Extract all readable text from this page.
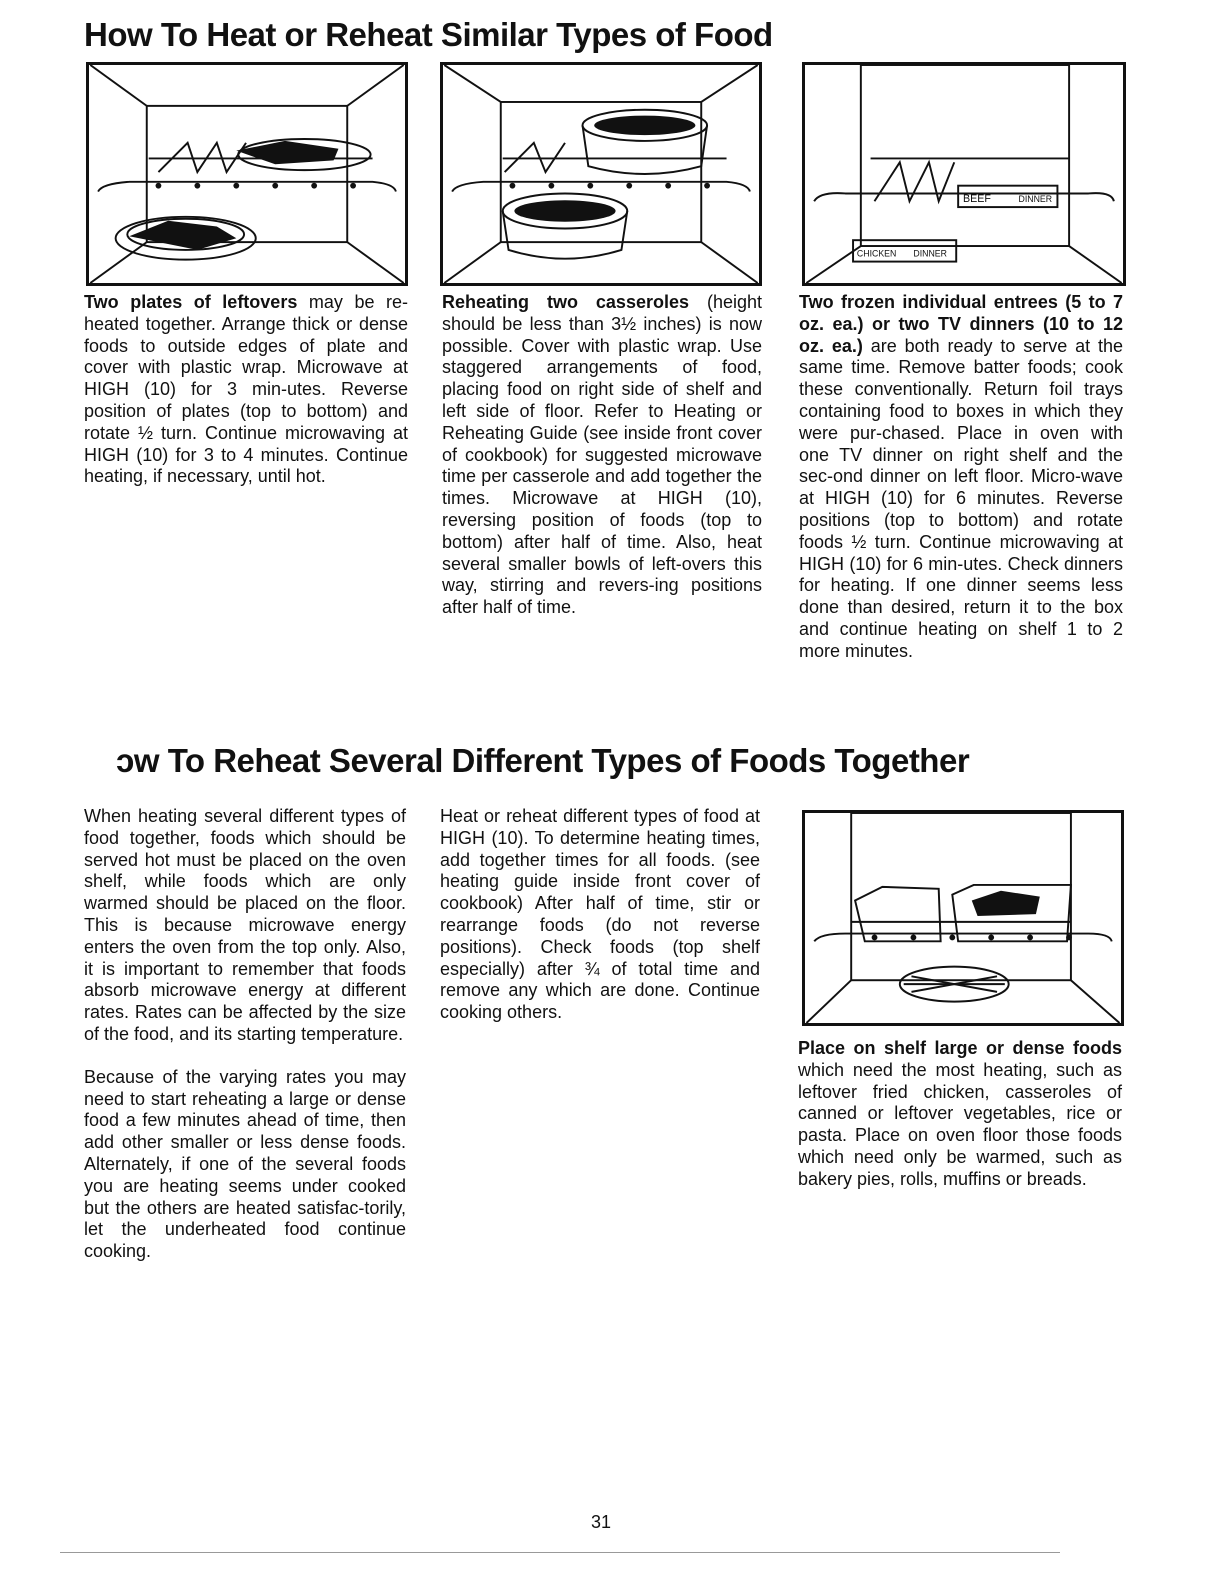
How To Heat or Reheat Similar Types of Food
ɔw To Reheat Several Different Types of Foods Together
BEEF	DINNER
CHICKEN DINNER

Two plates of leftovers may be re-heated together. Arrange thick or dense foods to outside edges of plate and cover with plastic wrap. Microwave at HIGH (10) for 3 min-utes. Reverse position of plates (top to bottom) and rotate ½ turn. Continue microwaving at HIGH (10) for 3 to 4 minutes. Continue heating, if necessary, until hot.

Reheating two casseroles (height should be less than 3½ inches) is now possible. Cover with plastic wrap. Use staggered arrangements of food, placing food on right side of shelf and left side of floor. Refer to Heating or Reheating Guide (see inside front cover of cookbook) for suggested microwave time per casserole and add together the times. Microwave at HIGH (10), reversing position of foods (top to bottom) after half of time. Also, heat several smaller bowls of left-overs this way, stirring and revers-ing positions after half of time.

Two frozen individual entrees (5 to 7 oz. ea.) or two TV dinners (10 to 12 oz. ea.) are both ready to serve at the same time. Remove batter foods; cook these conventionally. Return foil trays containing food to boxes in which they were pur-chased. Place in oven with one TV dinner on right shelf and the sec-ond dinner on left floor. Micro-wave at HIGH (10) for 6 minutes. Reverse positions (top to bottom) and rotate foods ½ turn. Continue microwaving at HIGH (10) for 6 min-utes. Check dinners for heating. If one dinner seems less done than desired, return it to the box and continue heating on shelf 1 to 2 more minutes.

When heating several different types of food together, foods which should be served hot must be placed on the oven shelf, while foods which are only warmed should be placed on the floor. This is because microwave energy enters the oven from the top only. Also, it is important to remember that foods absorb microwave energy at different rates. Rates can be affected by the size of the food, and its starting temperature.

Because of the varying rates you may need to start reheating a large or dense food a few minutes ahead of time, then add other smaller or less dense foods. Alternately, if one of the several foods you are heating seems under cooked but the others are heated satisfac-torily, let the underheated food continue cooking.

Heat or reheat different types of food at HIGH (10). To determine heating times, add together times for all foods. (see heating guide inside front cover of cookbook) After half of time, stir or rearrange foods (do not reverse positions). Check foods (top shelf especially) after ¾ of total time and remove any which are done. Continue cooking others.

Place on shelf large or dense foods which need the most heating, such as leftover fried chicken, casseroles of canned or leftover vegetables, rice or pasta. Place on oven floor those foods which need only be warmed, such as bakery pies, rolls, muffins or breads.

31
